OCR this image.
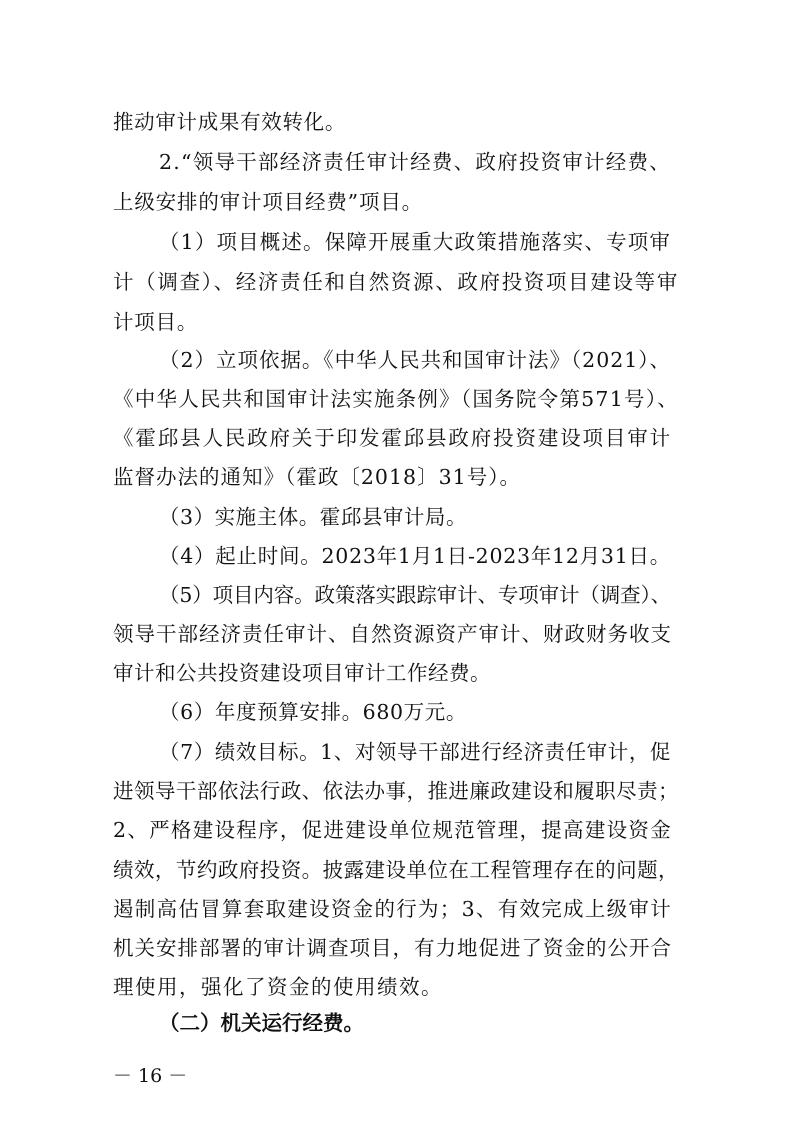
推动审计成果有效转化。
2.“领导干部经济责任审计经费、政府投资审计经费、
上级安排的审计项目经费”项目。
（1）项目概述。保障开展重大政策措施落实、专项审
计（调查）、经济责任和自然资源、政府投资项目建设等审
计项目。
（2）立项依据。《中华人民共和国审计法》（2021）、
《中华人民共和国审计法实施条例》（国务院令第571号）、
《霍邱县人民政府关于印发霍邱县政府投资建设项目审计
监督办法的通知》（霍政〔2018〕31号）。
（3）实施主体。霍邱县审计局。
（4）起止时间。2023年1月1日-2023年12月31日。
（5）项目内容。政策落实跟踪审计、专项审计（调查）、
领导干部经济责任审计、自然资源资产审计、财政财务收支
审计和公共投资建设项目审计工作经费。
（6）年度预算安排。680万元。
（7）绩效目标。1、对领导干部进行经济责任审计，促
进领导干部依法行政、依法办事，推进廉政建设和履职尽责；
2、严格建设程序，促进建设单位规范管理，提高建设资金
绩效，节约政府投资。披露建设单位在工程管理存在的问题，
遏制高估冒算套取建设资金的行为；3、有效完成上级审计
机关安排部署的审计调查项目，有力地促进了资金的公开合
理使用，强化了资金的使用绩效。
（二）机关运行经费。
－ 16 －
